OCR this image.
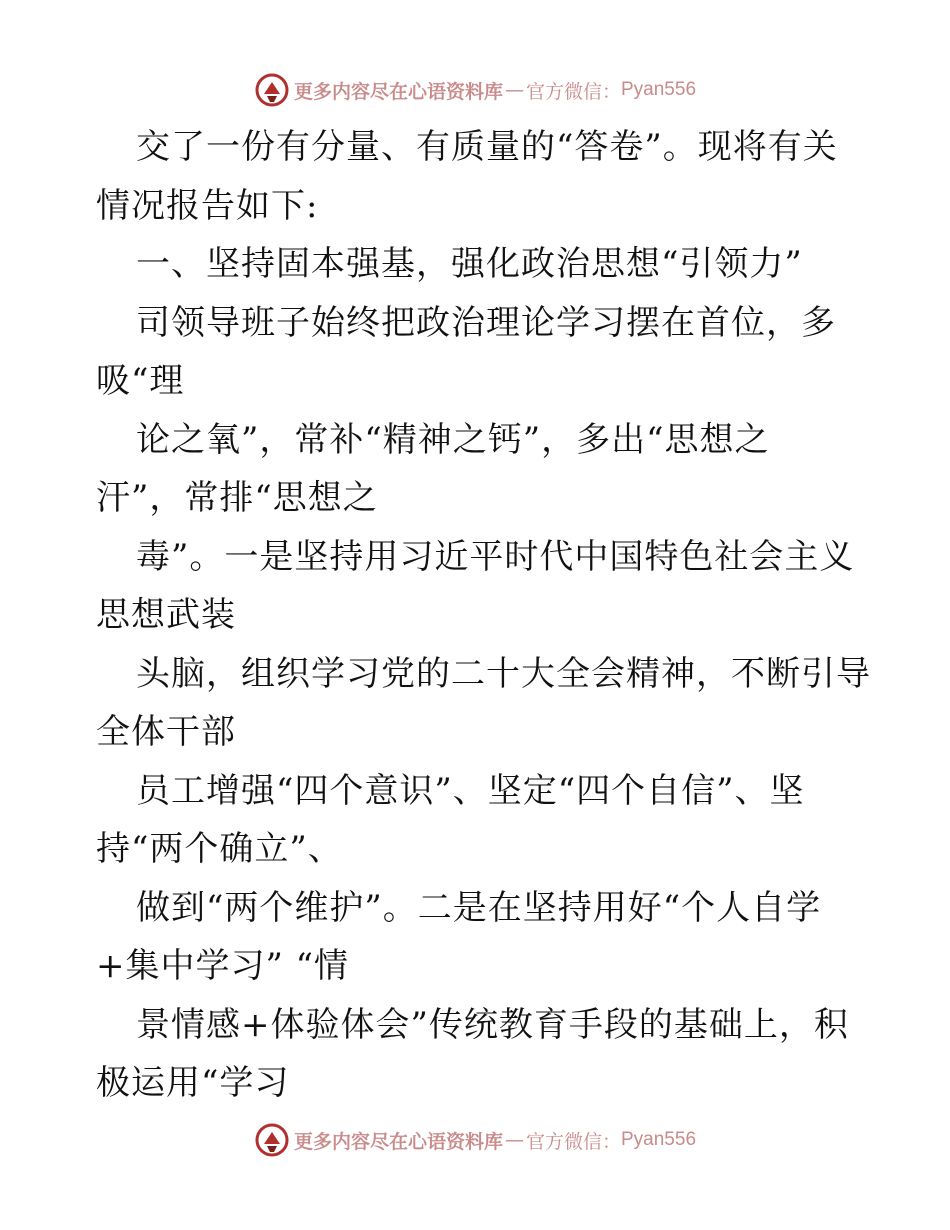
更多内容尽在心语资料库 — 官方微信： Pyan556
交了一份有分量、有质量的“答卷”。现将有关
情况报告如下:
一、坚持固本强基，强化政治思想“引领力”
司领导班子始终把政治理论学习摆在首位，多
吸“理
论之氧”，常补“精神之钙”，多出“思想之
汗”，常排“思想之
毒”。一是坚持用习近平时代中国特色社会主义
思想武装
头脑，组织学习党的二十大全会精神，不断引导
全体干部
员工增强“四个意识”、坚定“四个自信”、坚
持“两个确立”、
做到“两个维护”。二是在坚持用好“个人自学
+集中学习” “情
景情感+体验体会”传统教育手段的基础上，积
极运用“学习
更多内容尽在心语资料库 — 官方微信： Pyan556
